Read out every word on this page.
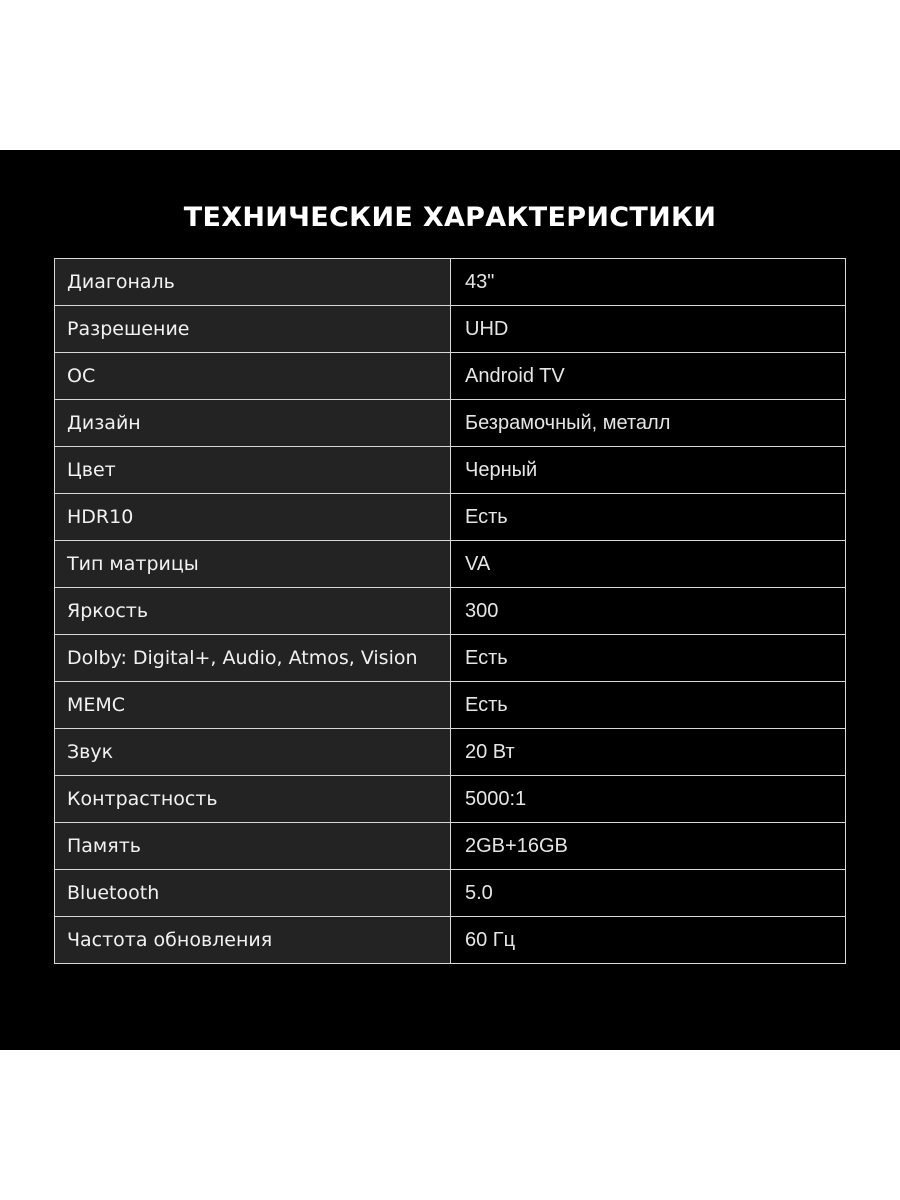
ТЕХНИЧЕСКИЕ ХАРАКТЕРИСТИКИ
Диагональ	43"
Разрешение	UHD
ОС	Android TV
Дизайн	Безрамочный, металл
Цвет	Черный
HDR10	Есть
Тип матрицы	VA
Яркость	300
Dolby: Digital+, Audio, Atmos, Vision	Есть
MEMC	Есть
Звук	20 Вт
Контрастность	5000:1
Память	2GB+16GB
Bluetooth	5.0
Частота обновления	60 Гц
